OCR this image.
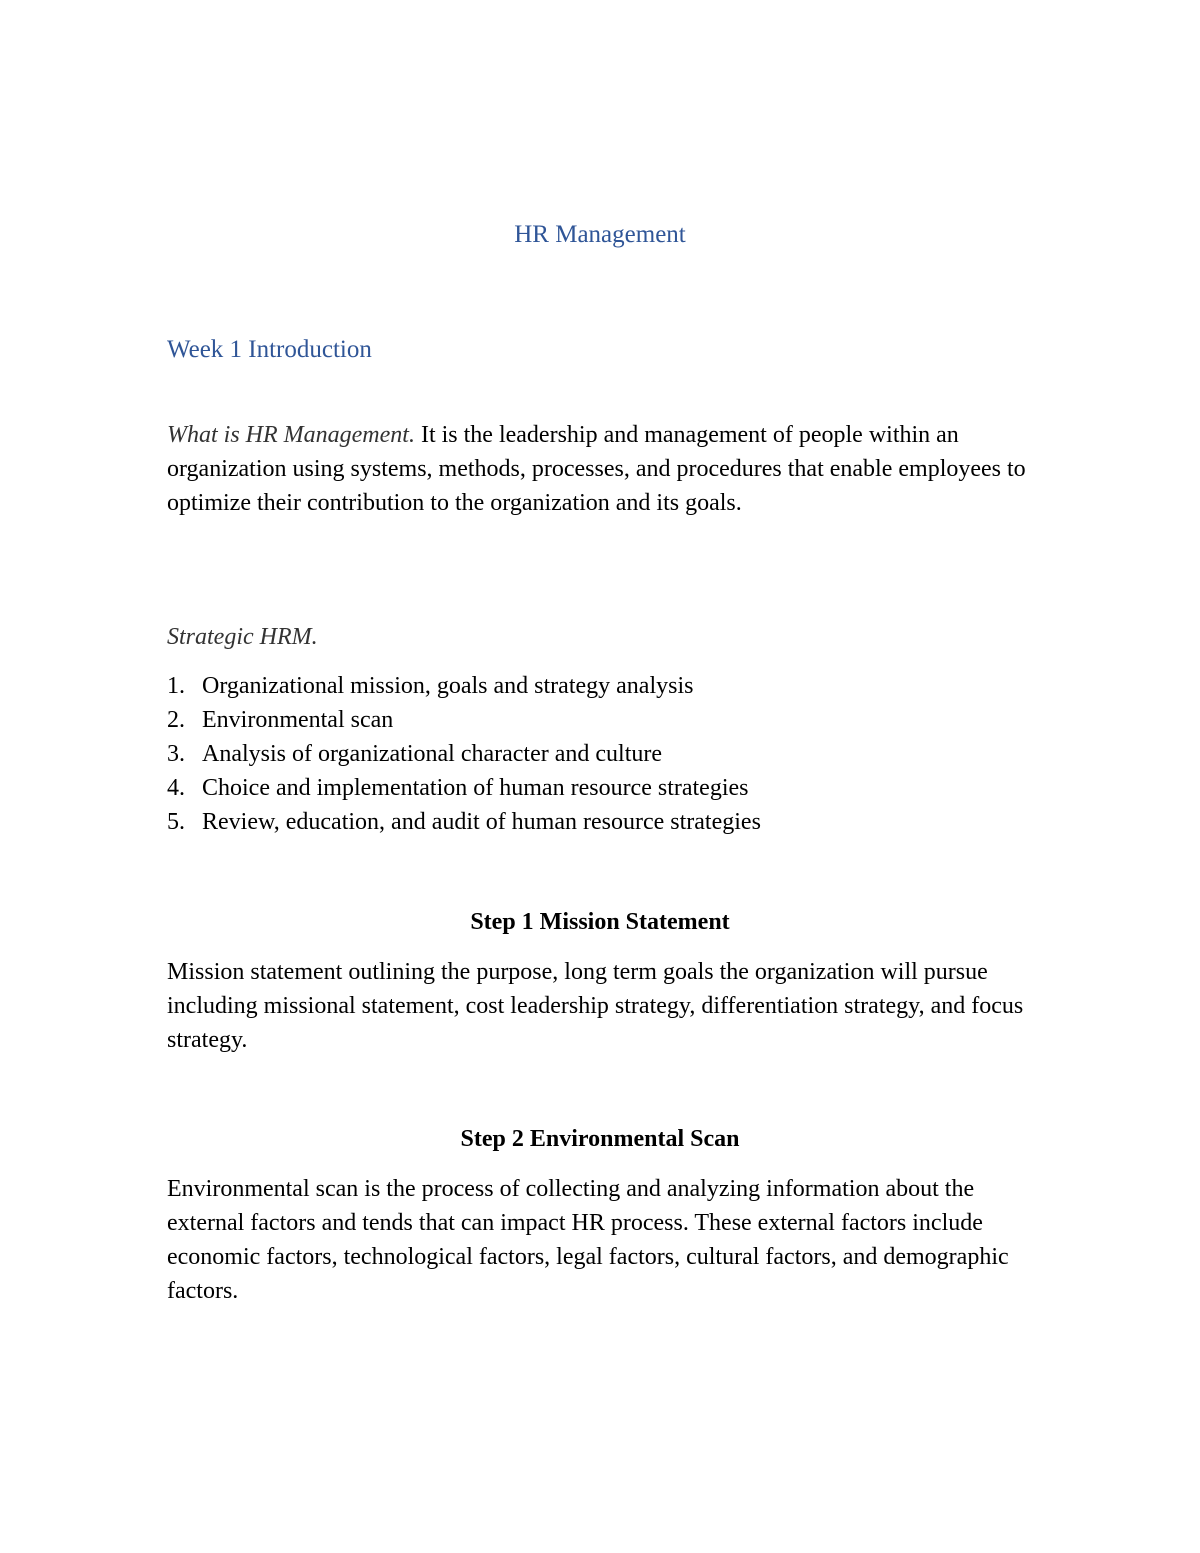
HR Management
Week 1 Introduction
What is HR Management. It is the leadership and management of people within an organization using systems, methods, processes, and procedures that enable employees to optimize their contribution to the organization and its goals.
Strategic HRM.
1. Organizational mission, goals and strategy analysis
2. Environmental scan
3. Analysis of organizational character and culture
4. Choice and implementation of human resource strategies
5. Review, education, and audit of human resource strategies
Step 1 Mission Statement
Mission statement outlining the purpose, long term goals the organization will pursue including missional statement, cost leadership strategy, differentiation strategy, and focus strategy.
Step 2 Environmental Scan
Environmental scan is the process of collecting and analyzing information about the external factors and tends that can impact HR process. These external factors include economic factors, technological factors, legal factors, cultural factors, and demographic factors.
